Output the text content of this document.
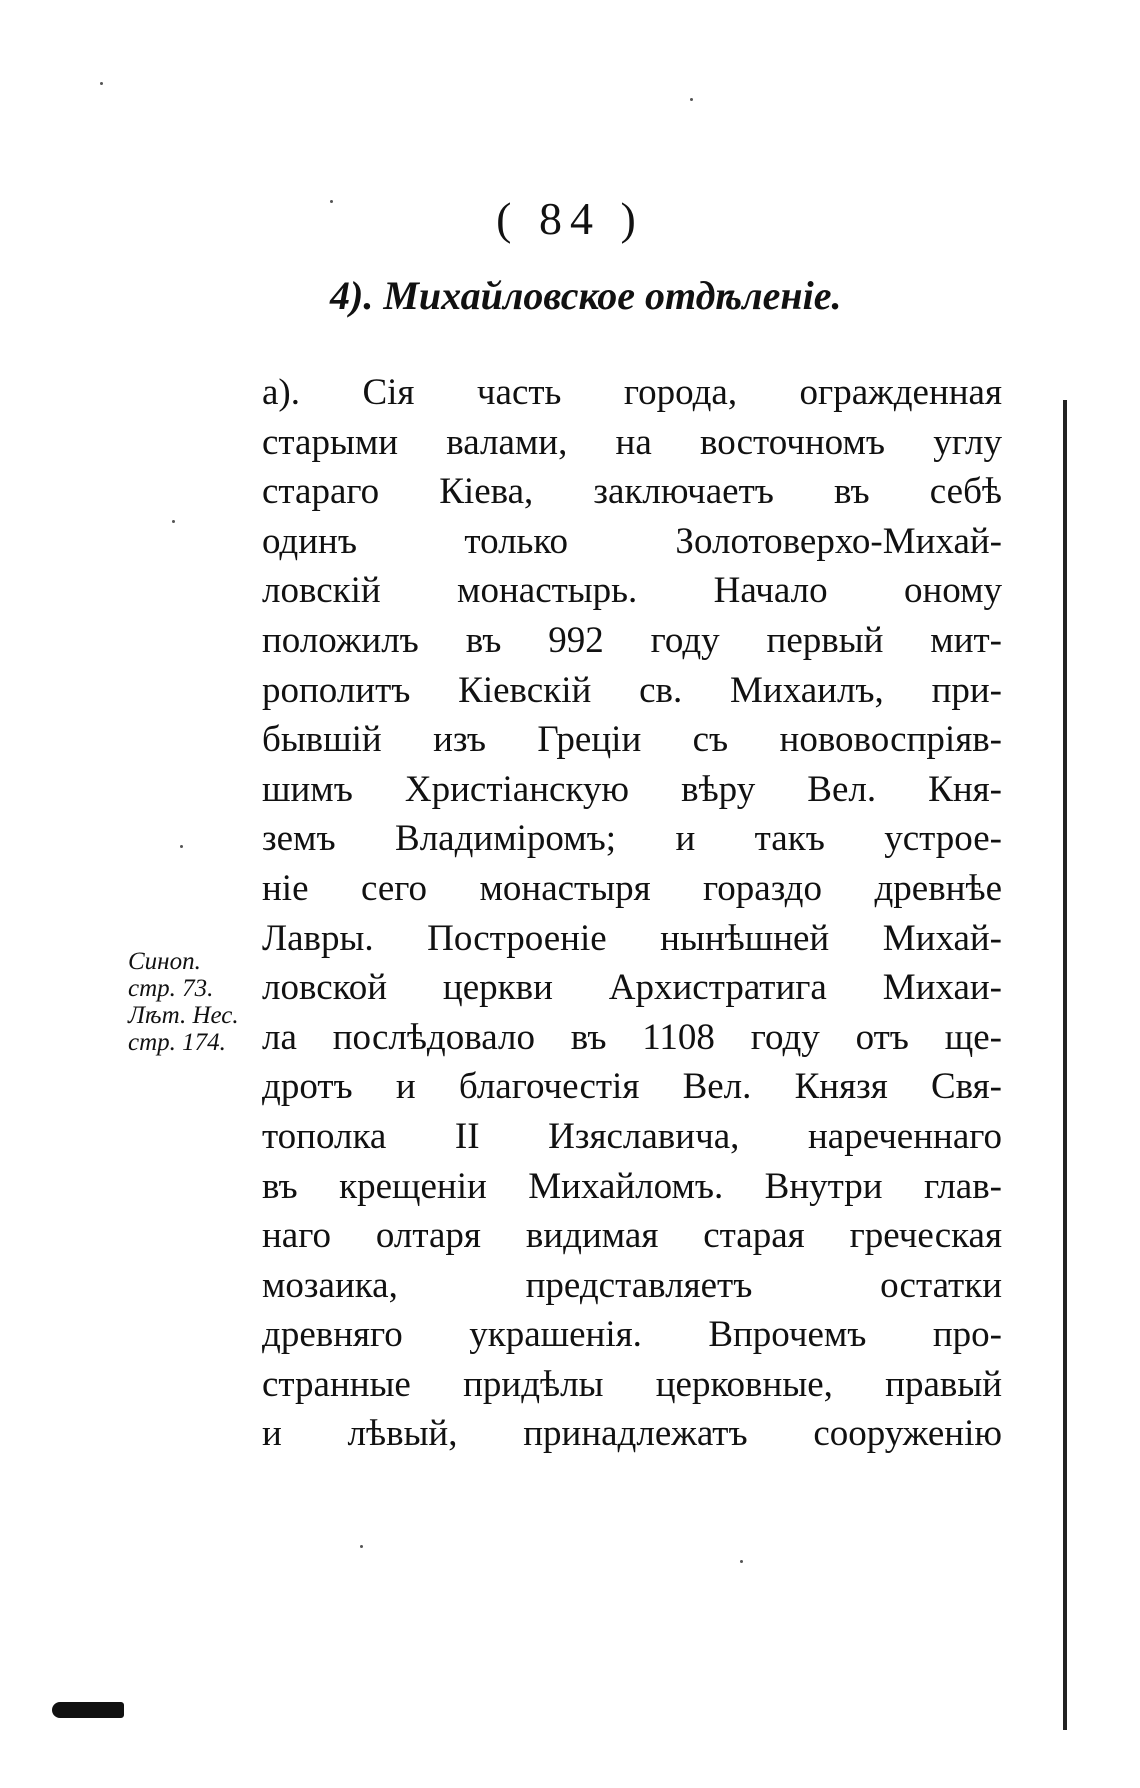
( 84 )
4). Михайловское отдѣленіе.
а). Сія часть города, огражденная
старыми валами, на восточномъ углу
стараго Кіева, заключаетъ въ себѣ
одинъ только Золотоверхо-Михай-
ловскій монастырь. Начало оному
положилъ въ 992 году первый мит-
рополитъ Кіевскій св. Михаилъ, при-
бывшій изъ Греціи съ нововоспріяв-
шимъ Христіанскую вѣру Вел. Кня-
земъ Владиміромъ; и такъ устрое-
ніе сего монастыря гораздо древнѣе
Лавры. Построеніе нынѣшней Михай-
ловской церкви Архистратига Михаи-
ла послѣдовало въ 1108 году отъ ще-
дротъ и благочестія Вел. Князя Свя-
тополка II Изяславича, нареченнаго
въ крещеніи Михайломъ. Внутри глав-
наго олтаря видимая старая греческая
мозаика, представляетъ остатки
древняго украшенія. Впрочемъ про-
странные придѣлы церковные, правый
и лѣвый, принадлежатъ сооруженію
Синоп.
стр. 73.
Лѣт. Нес.
стр. 174.
